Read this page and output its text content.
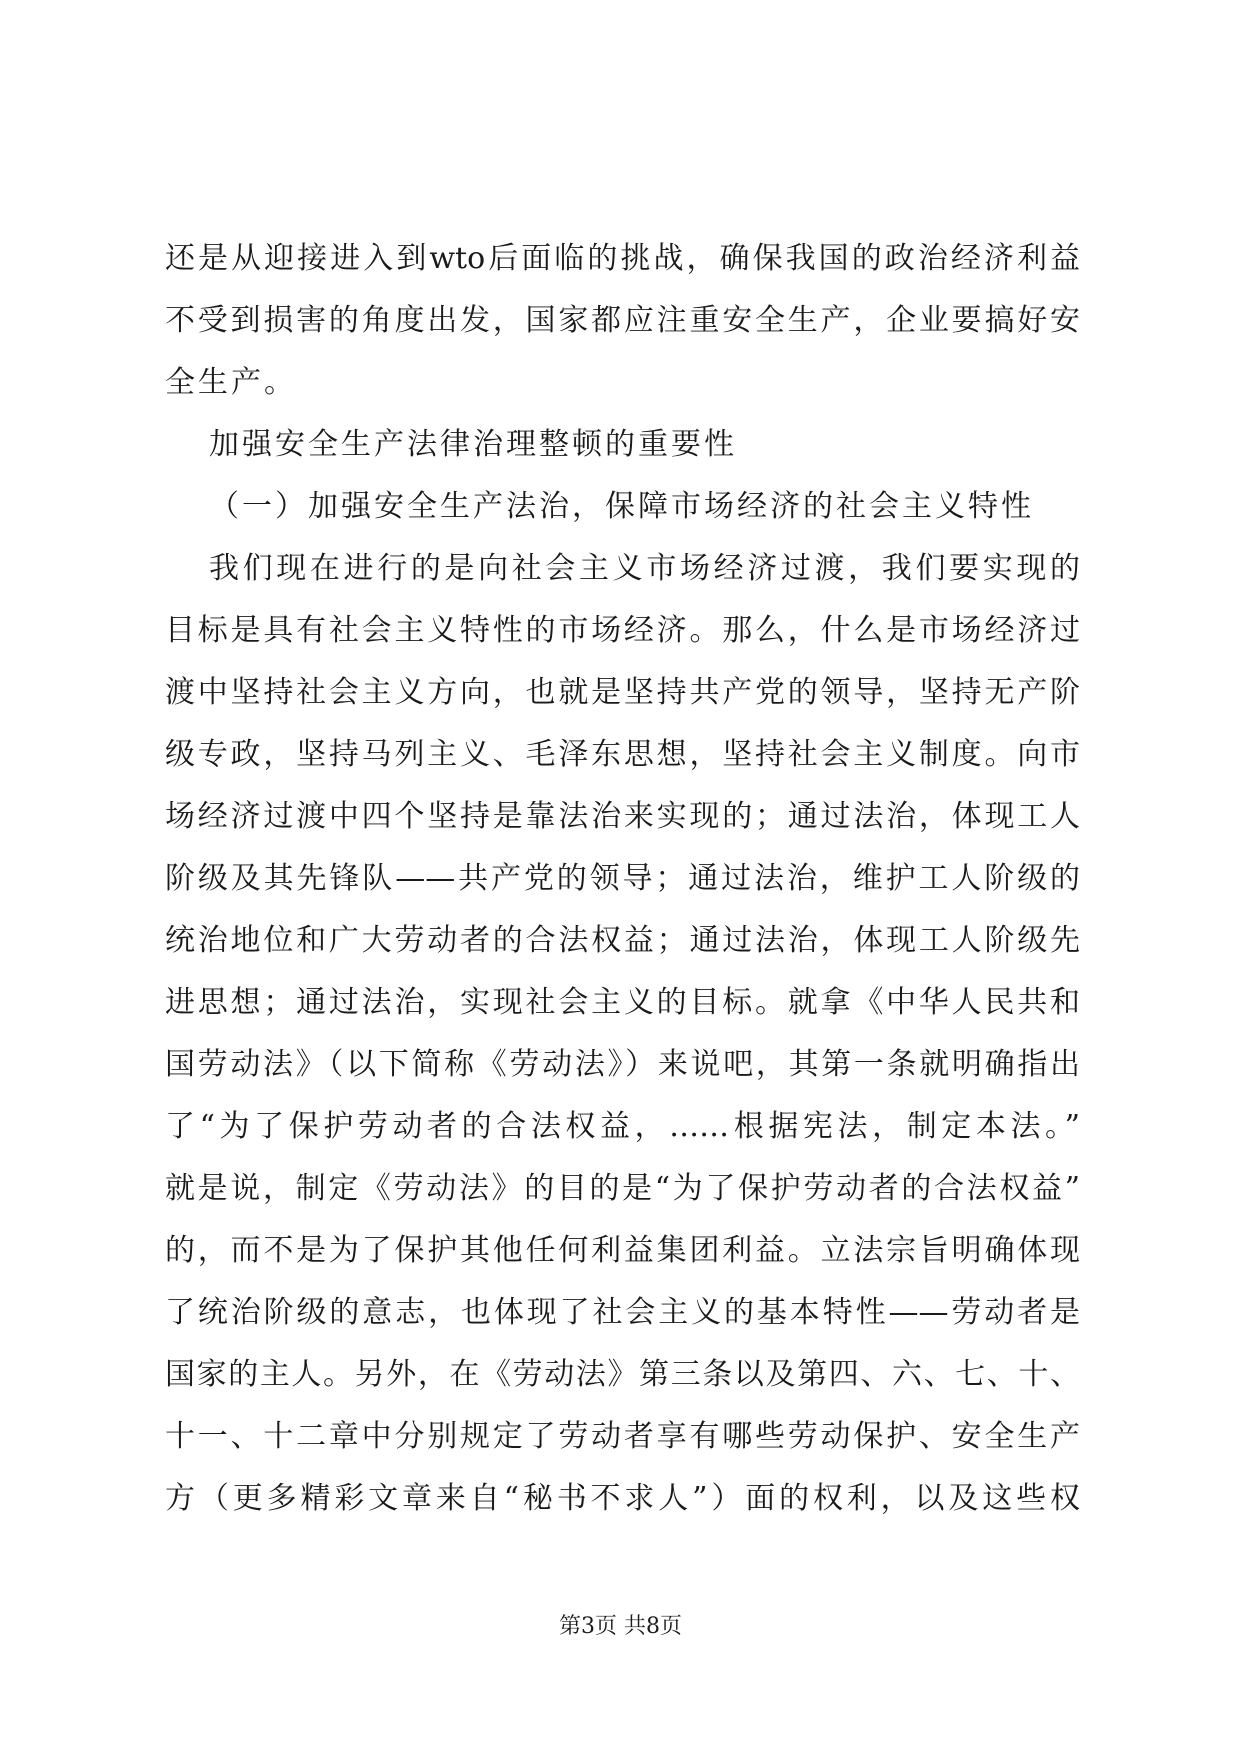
还是从迎接进入到wto后面临的挑战，确保我国的政治经济利益
不受到损害的角度出发，国家都应注重安全生产，企业要搞好安
全生产。
加强安全生产法律治理整顿的重要性
（一）加强安全生产法治，保障市场经济的社会主义特性
我们现在进行的是向社会主义市场经济过渡，我们要实现的
目标是具有社会主义特性的市场经济。那么，什么是市场经济过
渡中坚持社会主义方向，也就是坚持共产党的领导，坚持无产阶
级专政，坚持马列主义、毛泽东思想，坚持社会主义制度。向市
场经济过渡中四个坚持是靠法治来实现的；通过法治，体现工人
阶级及其先锋队——共产党的领导；通过法治，维护工人阶级的
统治地位和广大劳动者的合法权益；通过法治，体现工人阶级先
进思想；通过法治，实现社会主义的目标。就拿《中华人民共和
国劳动法》（以下简称《劳动法》）来说吧，其第一条就明确指出
了“为了保护劳动者的合法权益，……根据宪法，制定本法。”
就是说，制定《劳动法》的目的是“为了保护劳动者的合法权益”
的，而不是为了保护其他任何利益集团利益。立法宗旨明确体现
了统治阶级的意志，也体现了社会主义的基本特性——劳动者是
国家的主人。另外，在《劳动法》第三条以及第四、六、七、十、
十一、十二章中分别规定了劳动者享有哪些劳动保护、安全生产
方（更多精彩文章来自“秘书不求人”）面的权利，以及这些权
第3页 共8页
